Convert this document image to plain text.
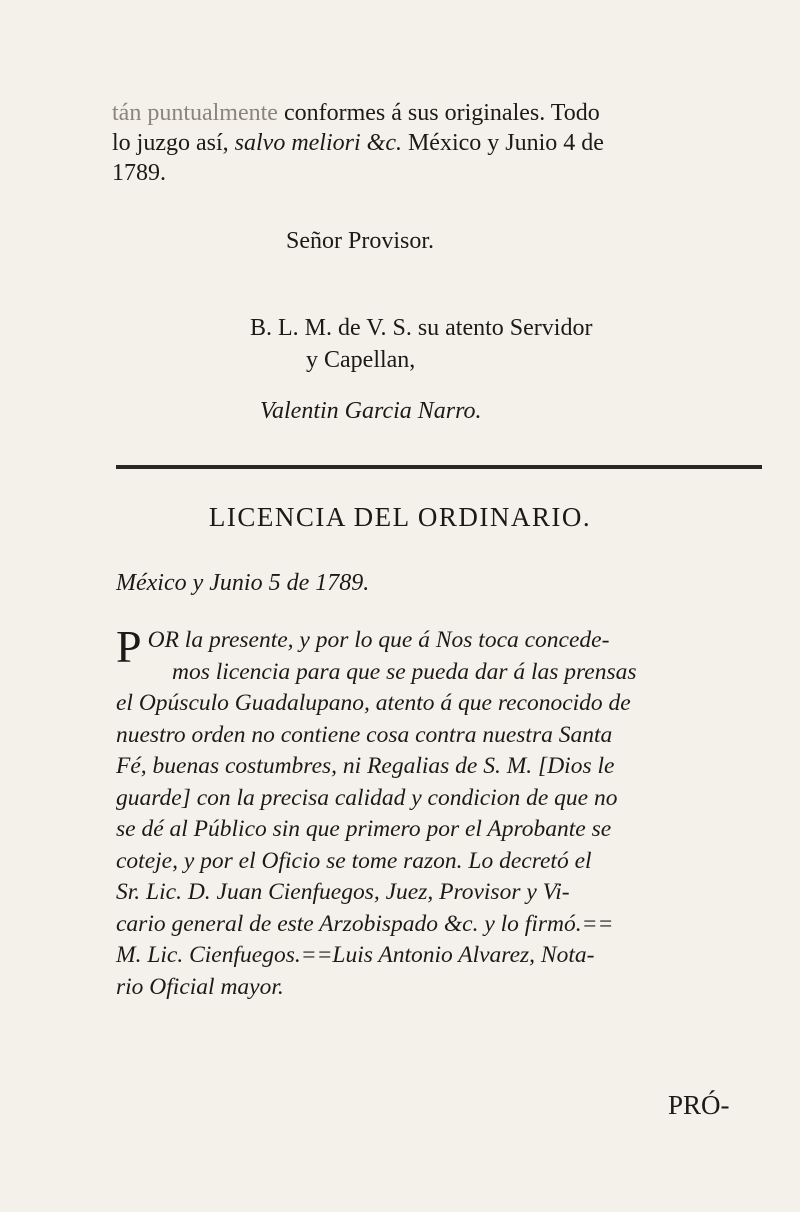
tán puntualmente conformes á sus originales. Todo
lo juzgo así, salvo meliori &c. México y Junio 4 de
1789.
Señor Provisor.
B. L. M. de V. S. su atento Servidor
y Capellan,
Valentin Garcia Narro.
LICENCIA DEL ORDINARIO.
México y Junio 5 de 1789.
P OR la presente, y por lo que á Nos toca concede-
mos licencia para que se pueda dar á las prensas
el Opúsculo Guadalupano, atento á que reconocido de
nuestro orden no contiene cosa contra nuestra Santa
Fé, buenas costumbres, ni Regalias de S. M. [Dios le
guarde] con la precisa calidad y condicion de que no
se dé al Público sin que primero por el Aprobante se
coteje, y por el Oficio se tome razon. Lo decretó el
Sr. Lic. D. Juan Cienfuegos, Juez, Provisor y Vi-
cario general de este Arzobispado &c. y lo firmó.==
M. Lic. Cienfuegos.==Luis Antonio Alvarez, Nota-
rio Oficial mayor.
PRÓ-
